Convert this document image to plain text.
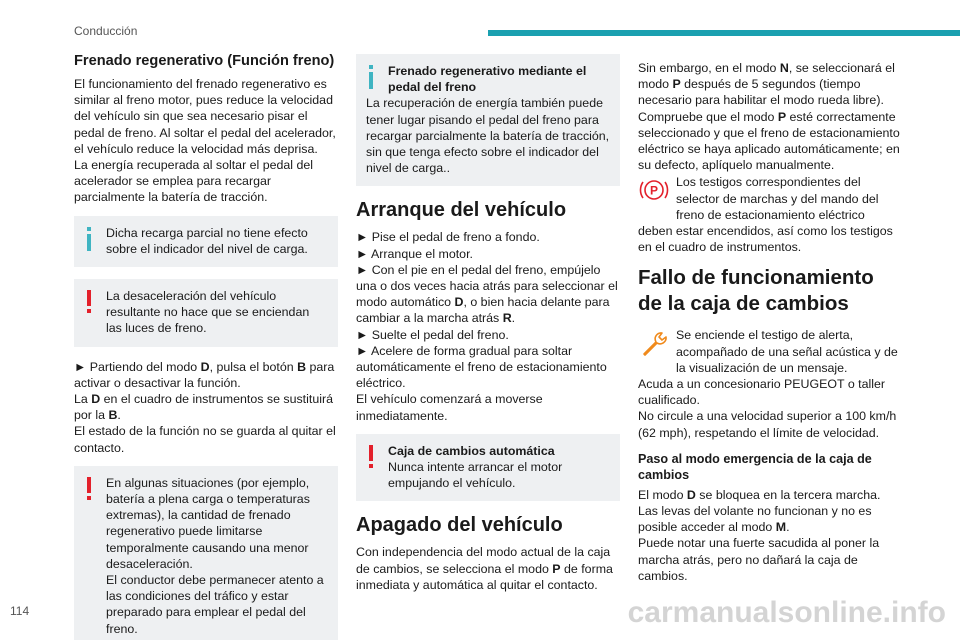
Conducción
Frenado regenerativo (Función freno)
El funcionamiento del frenado regenerativo es similar al freno motor, pues reduce la velocidad del vehículo sin que sea necesario pisar el pedal de freno. Al soltar el pedal del acelerador, el vehículo reduce la velocidad más deprisa.
La energía recuperada al soltar el pedal del acelerador se emplea para recargar parcialmente la batería de tracción.
Dicha recarga parcial no tiene efecto sobre el indicador del nivel de carga.
La desaceleración del vehículo resultante no hace que se enciendan las luces de freno.
► Partiendo del modo D, pulsa el botón B para activar o desactivar la función.
La D en el cuadro de instrumentos se sustituirá por la B.
El estado de la función no se guarda al quitar el contacto.
En algunas situaciones (por ejemplo, batería a plena carga o temperaturas extremas), la cantidad de frenado regenerativo puede limitarse temporalmente causando una menor desaceleración.
El conductor debe permanecer atento a las condiciones del tráfico y estar preparado para emplear el pedal del freno.
Frenado regenerativo mediante el pedal del freno
La recuperación de energía también puede tener lugar pisando el pedal del freno para recargar parcialmente la batería de tracción, sin que tenga efecto sobre el indicador del nivel de carga..
Arranque del vehículo
► Pise el pedal de freno a fondo.
► Arranque el motor.
► Con el pie en el pedal del freno, empújelo una o dos veces hacia atrás para seleccionar el modo automático D, o bien hacia delante para cambiar a la marcha atrás R.
► Suelte el pedal del freno.
► Acelere de forma gradual para soltar automáticamente el freno de estacionamiento eléctrico.
El vehículo comenzará a moverse inmediatamente.
Caja de cambios automática
Nunca intente arrancar el motor empujando el vehículo.
Apagado del vehículo
Con independencia del modo actual de la caja de cambios, se selecciona el modo P de forma inmediata y automática al quitar el contacto.
Sin embargo, en el modo N, se seleccionará el modo P después de 5 segundos (tiempo necesario para habilitar el modo rueda libre).
Compruebe que el modo P esté correctamente seleccionado y que el freno de estacionamiento eléctrico se haya aplicado automáticamente; en su defecto, aplíquelo manualmente.
P
Los testigos correspondientes del selector de marchas y del mando del freno de estacionamiento eléctrico deben estar encendidos, así como los testigos en el cuadro de instrumentos.
Fallo de funcionamiento de la caja de cambios
Se enciende el testigo de alerta, acompañado de una señal acústica y de la visualización de un mensaje.
Acuda a un concesionario PEUGEOT o taller cualificado.
No circule a una velocidad superior a 100 km/h (62 mph), respetando el límite de velocidad.
Paso al modo emergencia de la caja de cambios
El modo D se bloquea en la tercera marcha.
Las levas del volante no funcionan y no es posible acceder al modo M.
Puede notar una fuerte sacudida al poner la marcha atrás, pero no dañará la caja de cambios.
114	carmanualsonline.info
